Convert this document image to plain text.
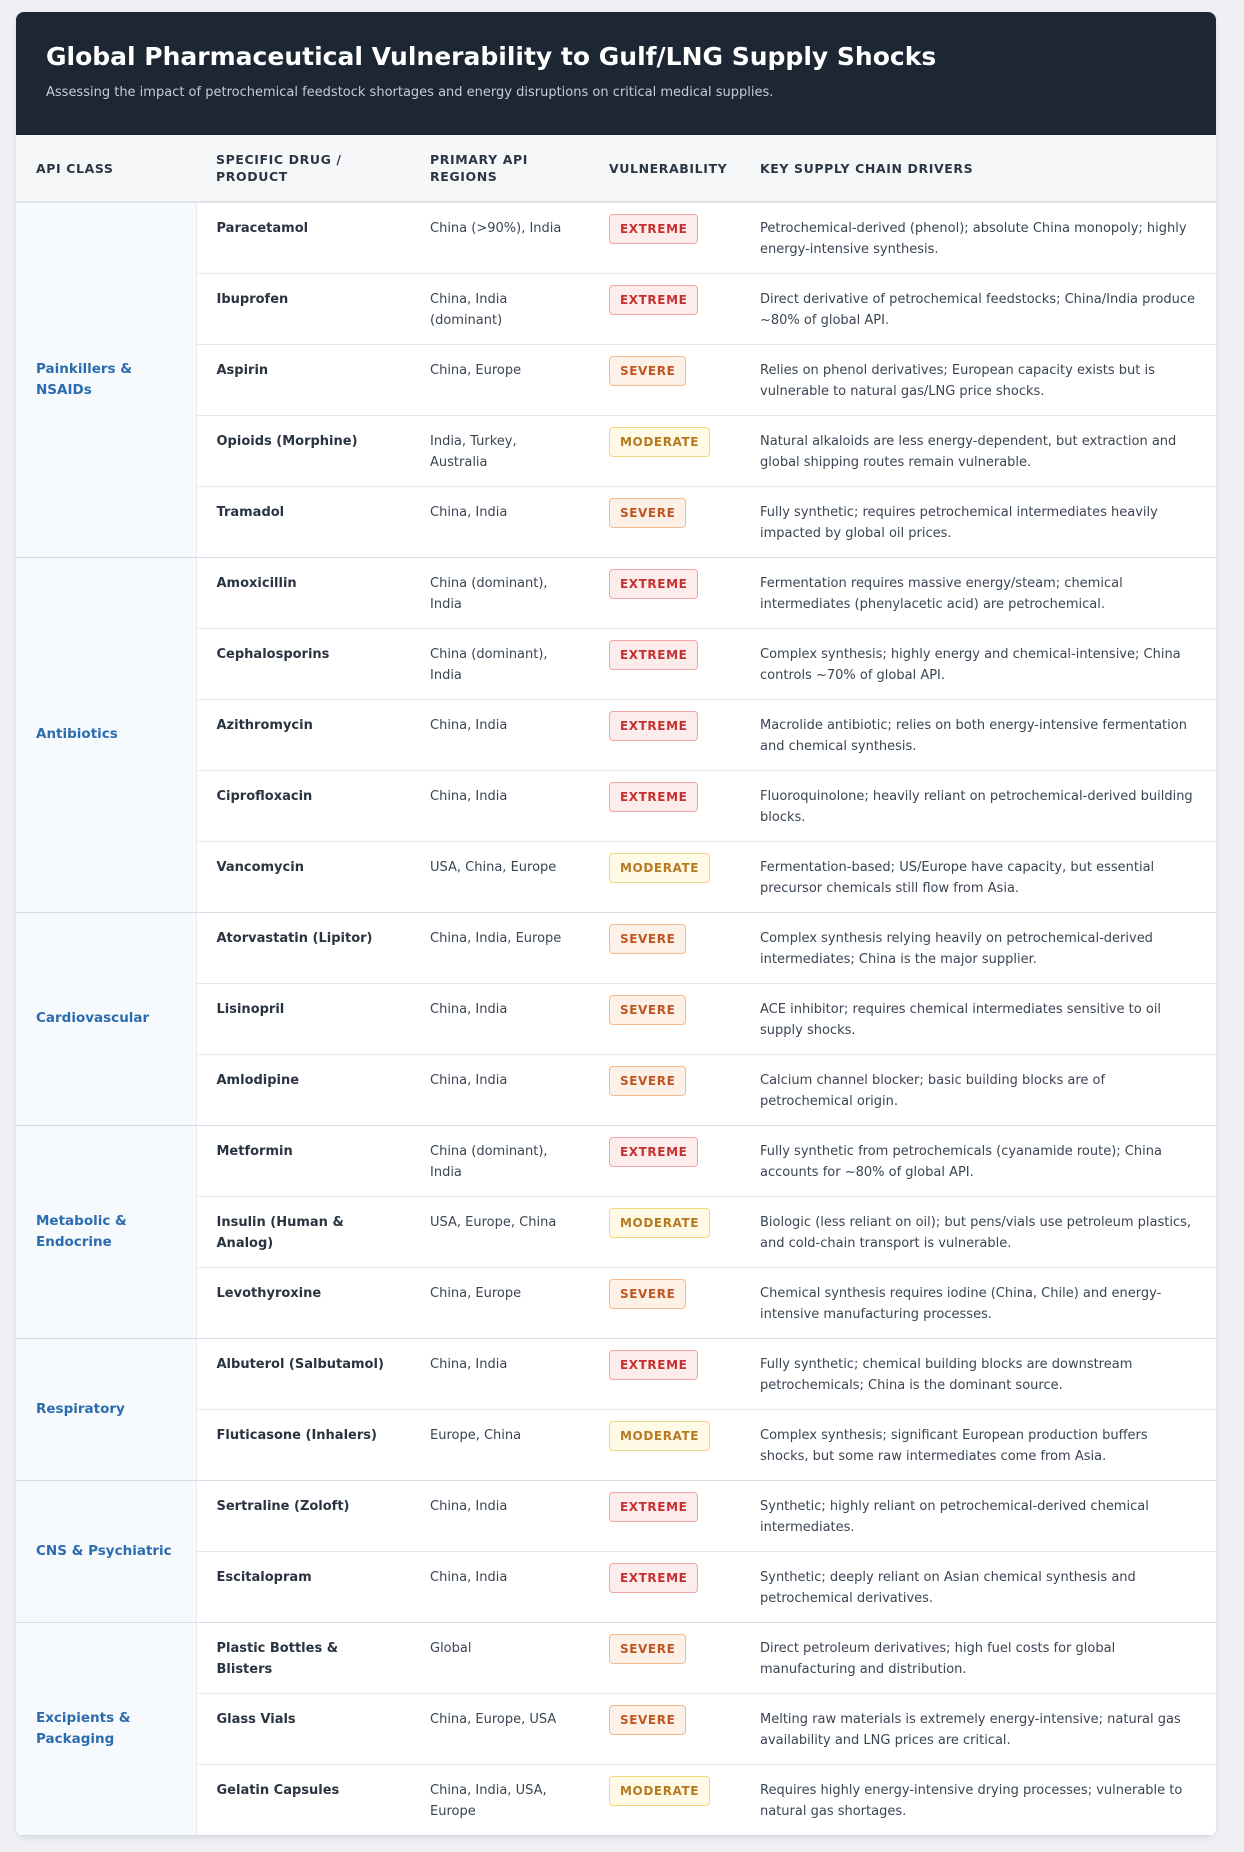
Global Pharmaceutical Vulnerability to Gulf/LNG Supply Shocks
Assessing the impact of petrochemical feedstock shortages and energy disruptions on critical medical supplies.
API CLASS	SPECIFIC DRUG / PRODUCT	PRIMARY API REGIONS	VULNERABILITY	KEY SUPPLY CHAIN DRIVERS
Painkillers & NSAIDs	Paracetamol	China (>90%), India	EXTREME	Petrochemical-derived (phenol); absolute China monopoly; highly energy-intensive synthesis.
	Ibuprofen	China, India (dominant)	EXTREME	Direct derivative of petrochemical feedstocks; China/India produce ~80% of global API.
	Aspirin	China, Europe	SEVERE	Relies on phenol derivatives; European capacity exists but is vulnerable to natural gas/LNG price shocks.
	Opioids (Morphine)	India, Turkey, Australia	MODERATE	Natural alkaloids are less energy-dependent, but extraction and global shipping routes remain vulnerable.
	Tramadol	China, India	SEVERE	Fully synthetic; requires petrochemical intermediates heavily impacted by global oil prices.
Antibiotics	Amoxicillin	China (dominant), India	EXTREME	Fermentation requires massive energy/steam; chemical intermediates (phenylacetic acid) are petrochemical.
	Cephalosporins	China (dominant), India	EXTREME	Complex synthesis; highly energy and chemical-intensive; China controls ~70% of global API.
	Azithromycin	China, India	EXTREME	Macrolide antibiotic; relies on both energy-intensive fermentation and chemical synthesis.
	Ciprofloxacin	China, India	EXTREME	Fluoroquinolone; heavily reliant on petrochemical-derived building blocks.
	Vancomycin	USA, China, Europe	MODERATE	Fermentation-based; US/Europe have capacity, but essential precursor chemicals still flow from Asia.
Cardiovascular	Atorvastatin (Lipitor)	China, India, Europe	SEVERE	Complex synthesis relying heavily on petrochemical-derived intermediates; China is the major supplier.
	Lisinopril	China, India	SEVERE	ACE inhibitor; requires chemical intermediates sensitive to oil supply shocks.
	Amlodipine	China, India	SEVERE	Calcium channel blocker; basic building blocks are of petrochemical origin.
Metabolic & Endocrine	Metformin	China (dominant), India	EXTREME	Fully synthetic from petrochemicals (cyanamide route); China accounts for ~80% of global API.
	Insulin (Human & Analog)	USA, Europe, China	MODERATE	Biologic (less reliant on oil); but pens/vials use petroleum plastics, and cold-chain transport is vulnerable.
	Levothyroxine	China, Europe	SEVERE	Chemical synthesis requires iodine (China, Chile) and energy-intensive manufacturing processes.
Respiratory	Albuterol (Salbutamol)	China, India	EXTREME	Fully synthetic; chemical building blocks are downstream petrochemicals; China is the dominant source.
	Fluticasone (Inhalers)	Europe, China	MODERATE	Complex synthesis; significant European production buffers shocks, but some raw intermediates come from Asia.
CNS & Psychiatric	Sertraline (Zoloft)	China, India	EXTREME	Synthetic; highly reliant on petrochemical-derived chemical intermediates.
	Escitalopram	China, India	EXTREME	Synthetic; deeply reliant on Asian chemical synthesis and petrochemical derivatives.
Excipients & Packaging	Plastic Bottles & Blisters	Global	SEVERE	Direct petroleum derivatives; high fuel costs for global manufacturing and distribution.
	Glass Vials	China, Europe, USA	SEVERE	Melting raw materials is extremely energy-intensive; natural gas availability and LNG prices are critical.
	Gelatin Capsules	China, India, USA, Europe	MODERATE	Requires highly energy-intensive drying processes; vulnerable to natural gas shortages.
